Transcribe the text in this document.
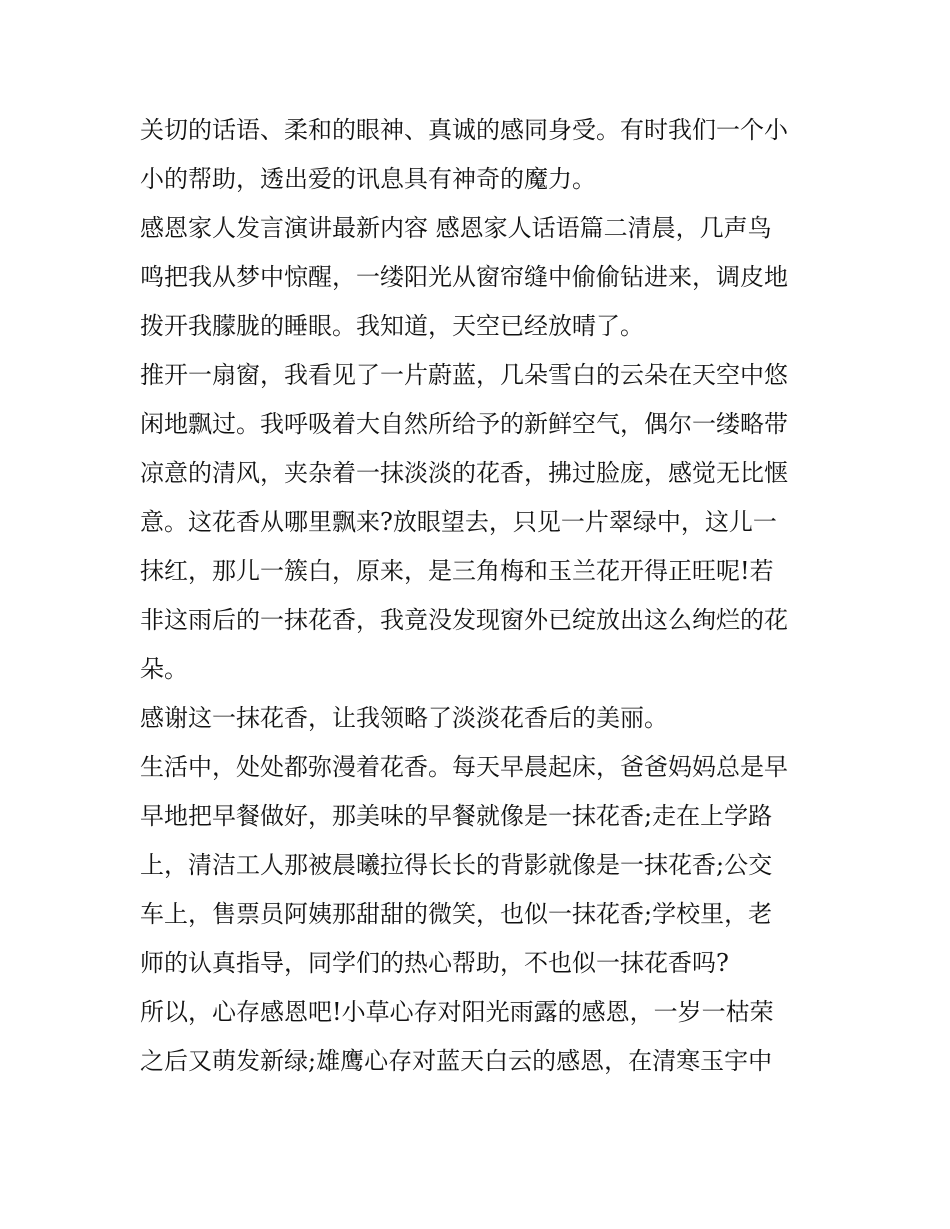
关切的话语、柔和的眼神、真诚的感同身受。有时我们一个小
小的帮助，透出爱的讯息具有神奇的魔力。
感恩家人发言演讲最新内容 感恩家人话语篇二清晨，几声鸟
鸣把我从梦中惊醒，一缕阳光从窗帘缝中偷偷钻进来，调皮地
拨开我朦胧的睡眼。我知道，天空已经放晴了。
推开一扇窗，我看见了一片蔚蓝，几朵雪白的云朵在天空中悠
闲地飘过。我呼吸着大自然所给予的新鲜空气，偶尔一缕略带
凉意的清风，夹杂着一抹淡淡的花香，拂过脸庞，感觉无比惬
意。这花香从哪里飘来?放眼望去，只见一片翠绿中，这儿一
抹红，那儿一簇白，原来，是三角梅和玉兰花开得正旺呢!若
非这雨后的一抹花香，我竟没发现窗外已绽放出这么绚烂的花
朵。
感谢这一抹花香，让我领略了淡淡花香后的美丽。
生活中，处处都弥漫着花香。每天早晨起床，爸爸妈妈总是早
早地把早餐做好，那美味的早餐就像是一抹花香;走在上学路
上，清洁工人那被晨曦拉得长长的背影就像是一抹花香;公交
车上，售票员阿姨那甜甜的微笑，也似一抹花香;学校里，老
师的认真指导，同学们的热心帮助，不也似一抹花香吗?
所以，心存感恩吧!小草心存对阳光雨露的感恩，一岁一枯荣
之后又萌发新绿;雄鹰心存对蓝天白云的感恩，在清寒玉宇中
